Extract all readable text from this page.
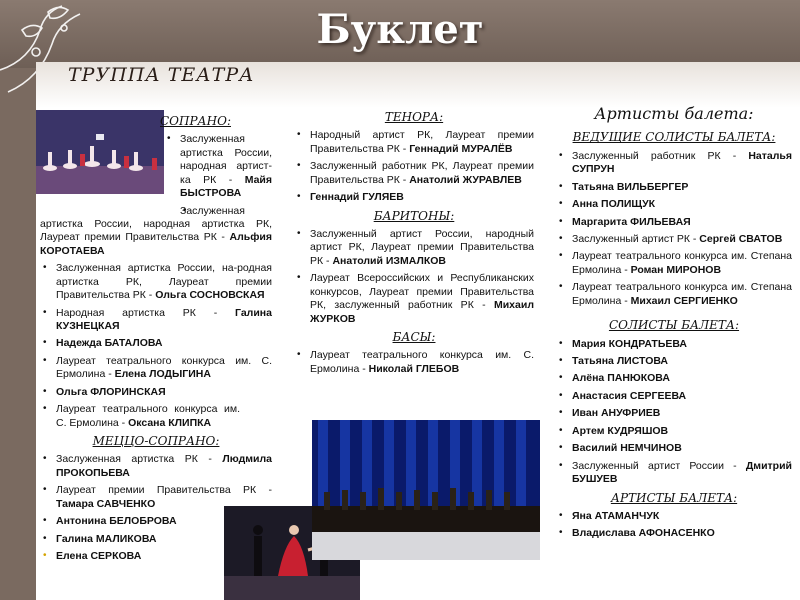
Буклет
ТРУППА ТЕАТРА
СОПРАНО:
• Заслуженная артистка России, народная артист-ка РК - Майя БЫСТРОВА
• Заслуженная артистка России, народная артистка РК, Лауреат премии Правительства РК - Альфия КОРОТАЕВА
• Заслуженная артистка России, на-родная артистка РК, Лауреат премии Правительства РК - Ольга СОСНОВСКАЯ
• Народная артистка РК - Галина КУЗНЕЦКАЯ
• Надежда БАТАЛОВА
• Лауреат театрального конкурса им. С. Ермолина - Елена ЛОДЫГИНА
• Ольга ФЛОРИНСКАЯ
• Лауреат театрального конкурса им. С. Ермолина - Оксана КЛИПКА
МЕЦЦО-СОПРАНО:
• Заслуженная артистка РК - Людмила ПРОКОПЬЕВА
• Лауреат премии Правительства РК - Тамара САВЧЕНКО
• Антонина БЕЛОБРОВА
• Галина МАЛИКОВА
• Елена СЕРКОВА
ТЕНОРА:
• Народный артист РК, Лауреат премии Правительства РК - Геннадий МУРАЛЁВ
• Заслуженный работник РК, Лауреат премии Правительства РК - Анатолий ЖУРАВЛЕВ
• Геннадий ГУЛЯЕВ
БАРИТОНЫ:
• Заслуженный артист России, народный артист РК, Лауреат премии Правительства РК - Анатолий ИЗМАЛКОВ
• Лауреат Всероссийских и Республиканских конкурсов, Лауреат премии Правительства РК, заслуженный работник РК - Михаил ЖУРКОВ
БАСЫ:
• Лауреат театрального конкурса им. С. Ермолина - Николай ГЛЕБОВ
Артисты балета:
ВЕДУЩИЕ СОЛИСТЫ БАЛЕТА:
• Заслуженный работник РК - Наталья СУПРУН
• Татьяна ВИЛЬБЕРГЕР
• Анна ПОЛИЩУК
• Маргарита ФИЛЬЕВАЯ
• Заслуженный артист РК - Сергей СВАТОВ
• Лауреат театрального конкурса им. Степана Ермолина - Роман МИРОНОВ
• Лауреат театрального конкурса им. Степана Ермолина - Михаил СЕРГИЕНКО
СОЛИСТЫ БАЛЕТА:
• Мария КОНДРАТЬЕВА
• Татьяна ЛИСТОВА
• Алёна ПАНЮКОВА
• Анастасия СЕРГЕЕВА
• Иван АНУФРИЕВ
• Артем КУДРЯШОВ
• Василий НЕМЧИНОВ
• Заслуженный артист России - Дмитрий БУШУЕВ
АРТИСТЫ БАЛЕТА:
• Яна АТАМАНЧУК
• Владислава АФОНАСЕНКО
